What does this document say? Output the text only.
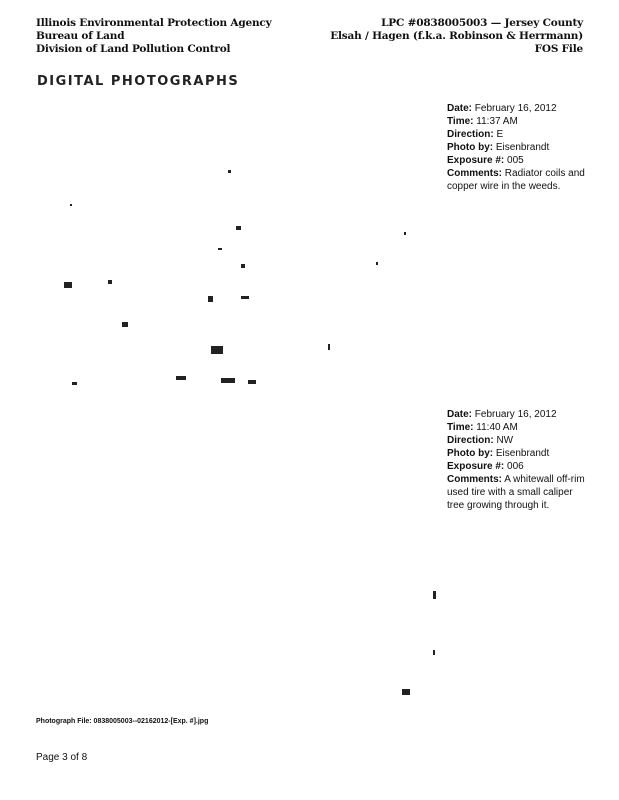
Illinois Environmental Protection Agency
Bureau of Land
Division of Land Pollution Control
LPC #0838005003 — Jersey County
Elsah / Hagen (f.k.a. Robinson & Herrmann)
FOS File
DIGITAL PHOTOGRAPHS
Date: February 16, 2012
Time: 11:37 AM
Direction: E
Photo by: Eisenbrandt
Exposure #: 005
Comments: Radiator coils and copper wire in the weeds.
Date: February 16, 2012
Time: 11:40 AM
Direction: NW
Photo by: Eisenbrandt
Exposure #: 006
Comments: A whitewall off-rim used tire with a small caliper tree growing through it.
Photograph File: 0838005003--02162012-[Exp. #].jpg
Page 3 of 8
